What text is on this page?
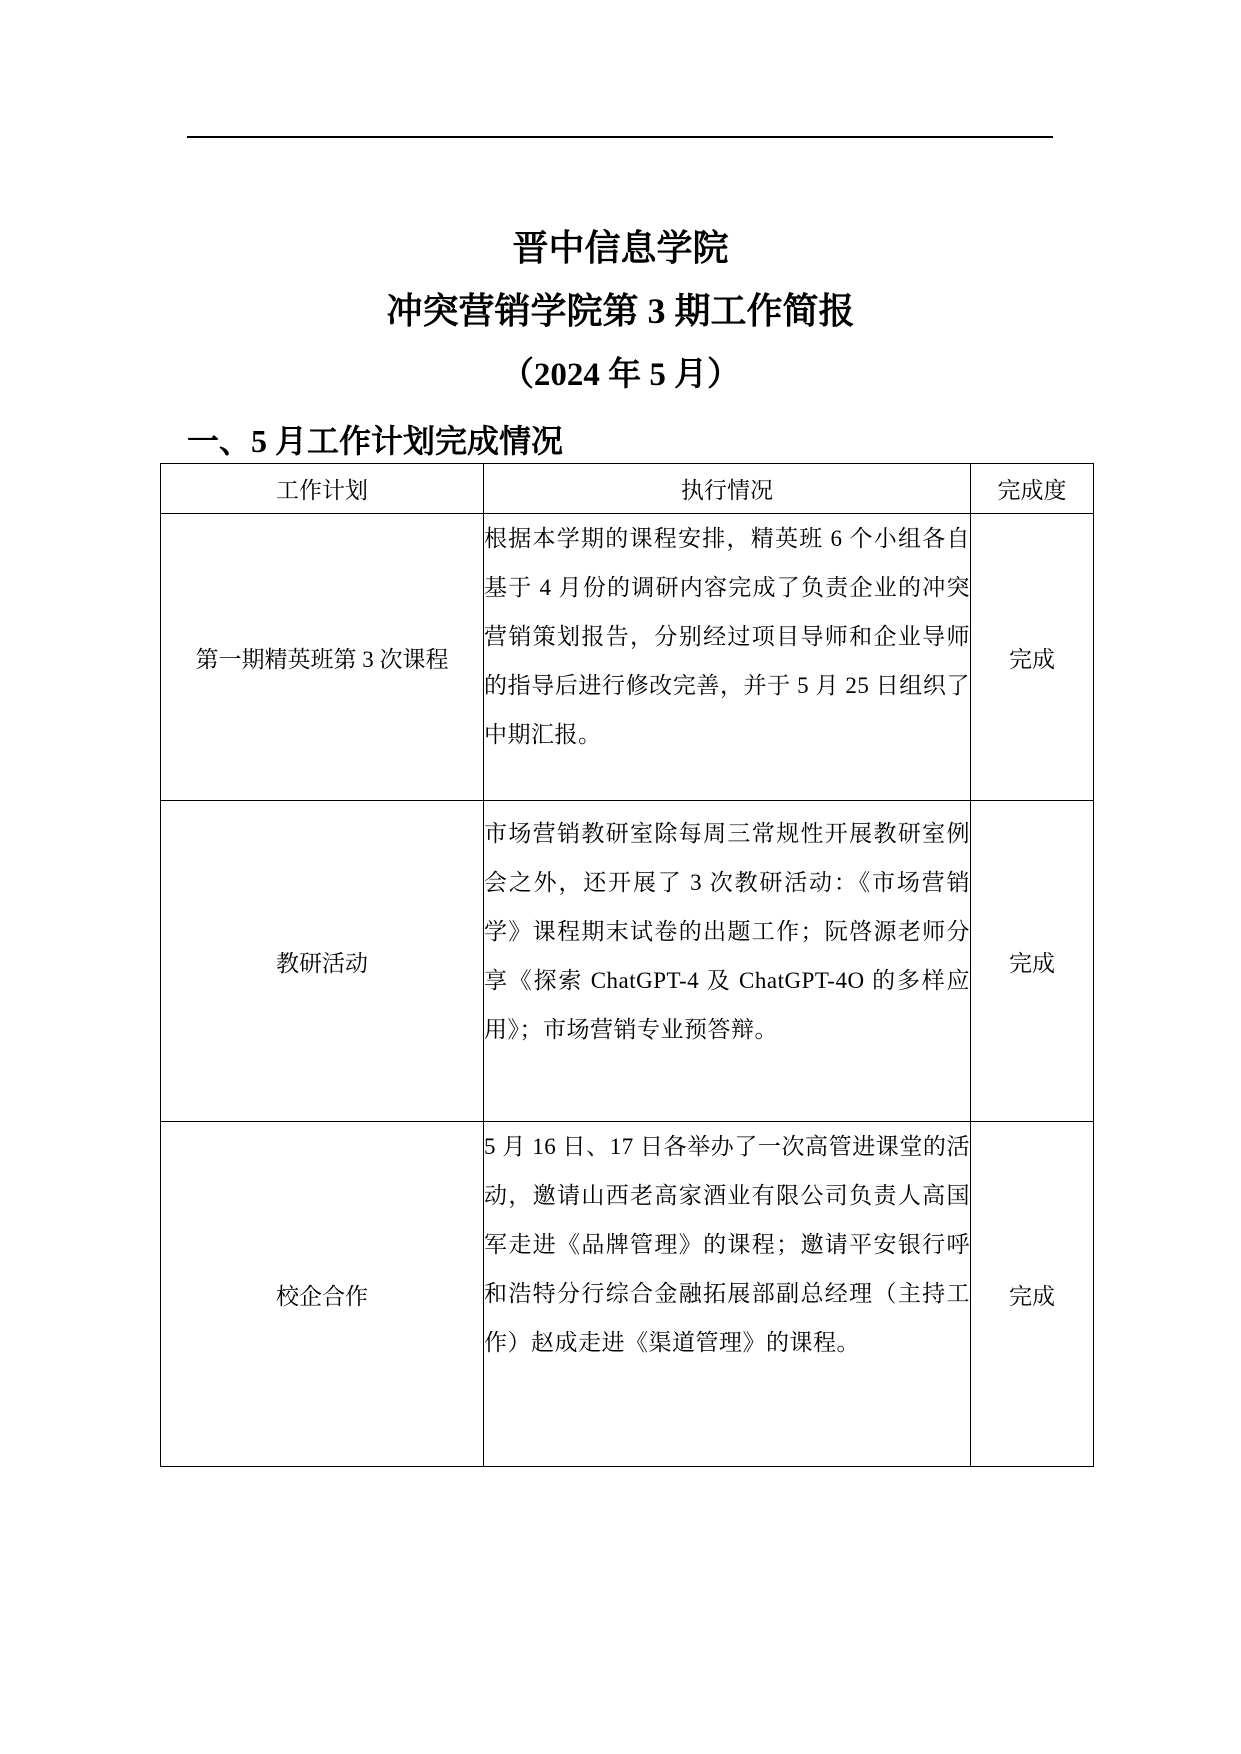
晋中信息学院

冲突营销学院第 3 期工作简报

（2024 年 5 月）

一、5 月工作计划完成情况
工作计划	执行情况	完成度
第一期精英班第 3 次课程	根据本学期的课程安排，精英班 6 个小组各自基于 4 月份的调研内容完成了负责企业的冲突营销策划报告，分别经过项目导师和企业导师的指导后进行修改完善，并于 5 月 25 日组织了中期汇报。	完成
教研活动	市场营销教研室除每周三常规性开展教研室例会之外，还开展了 3 次教研活动：《市场营销学》课程期末试卷的出题工作；阮啓源老师分享《探索 ChatGPT-4 及 ChatGPT-4O 的多样应用》；市场营销专业预答辩。	完成
校企合作	5 月 16 日、17 日各举办了一次高管进课堂的活动，邀请山西老高家酒业有限公司负责人高国军走进《品牌管理》的课程；邀请平安银行呼和浩特分行综合金融拓展部副总经理（主持工作）赵成走进《渠道管理》的课程。	完成
